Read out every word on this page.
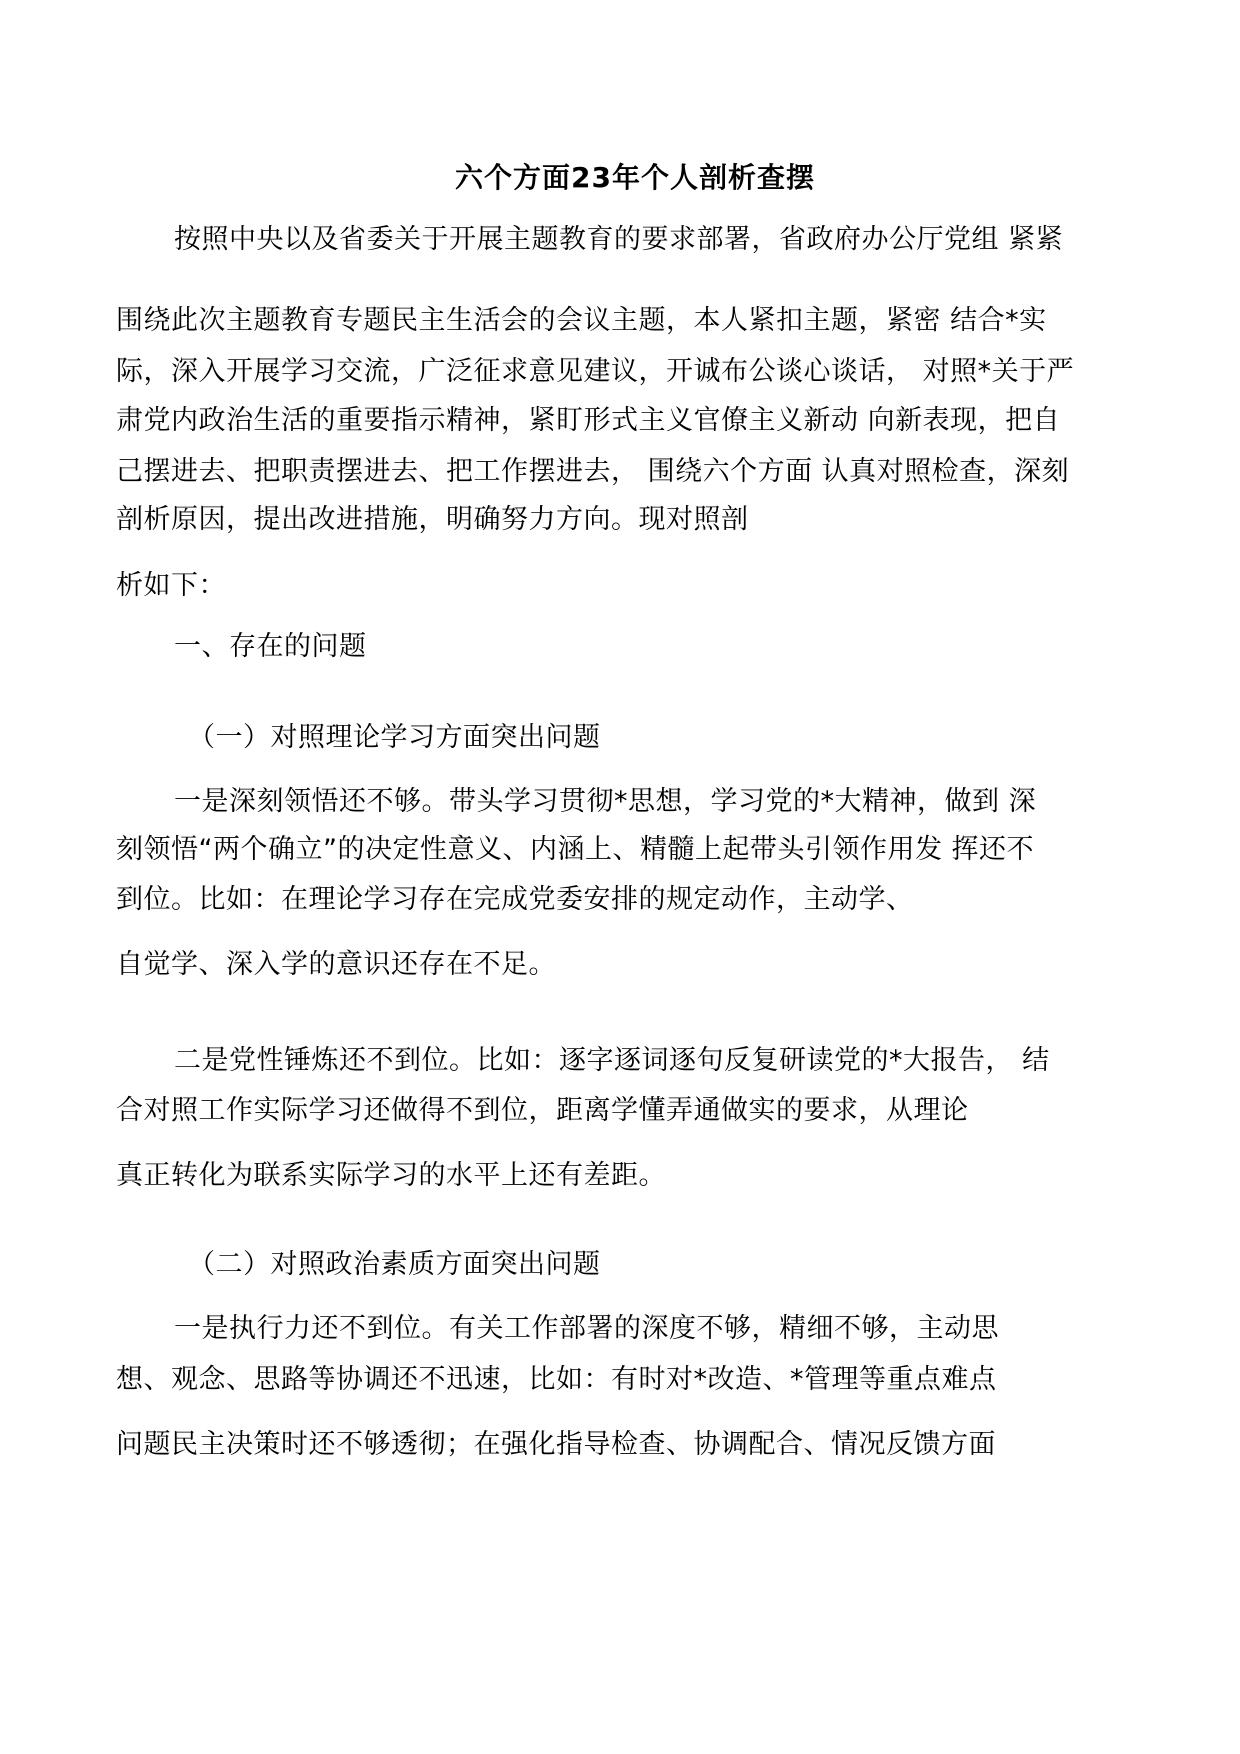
六个方面23年个人剖析查摆

按照中央以及省委关于开展主题教育的要求部署，省政府办公厅党组 紧紧

围绕此次主题教育专题民主生活会的会议主题，本人紧扣主题，紧密 结合*实

际，深入开展学习交流，广泛征求意见建议，开诚布公谈心谈话， 对照*关于严

肃党内政治生活的重要指示精神，紧盯形式主义官僚主义新动 向新表现，把自

己摆进去、把职责摆进去、把工作摆进去， 围绕六个方面 认真对照检查，深刻

剖析原因，提出改进措施，明确努力方向。现对照剖

析如下：

一、存在的问题

（一）对照理论学习方面突出问题

一是深刻领悟还不够。带头学习贯彻*思想，学习党的*大精神，做到 深

刻领悟“两个确立”的决定性意义、内涵上、精髓上起带头引领作用发 挥还不

到位。比如：在理论学习存在完成党委安排的规定动作，主动学、

自觉学、深入学的意识还存在不足。

二是党性锤炼还不到位。比如：逐字逐词逐句反复研读党的*大报告， 结

合对照工作实际学习还做得不到位，距离学懂弄通做实的要求，从理论

真正转化为联系实际学习的水平上还有差距。

（二）对照政治素质方面突出问题

一是执行力还不到位。有关工作部署的深度不够，精细不够，主动思

想、观念、思路等协调还不迅速，比如：有时对*改造、*管理等重点难点

问题民主决策时还不够透彻；在强化指导检查、协调配合、情况反馈方面
